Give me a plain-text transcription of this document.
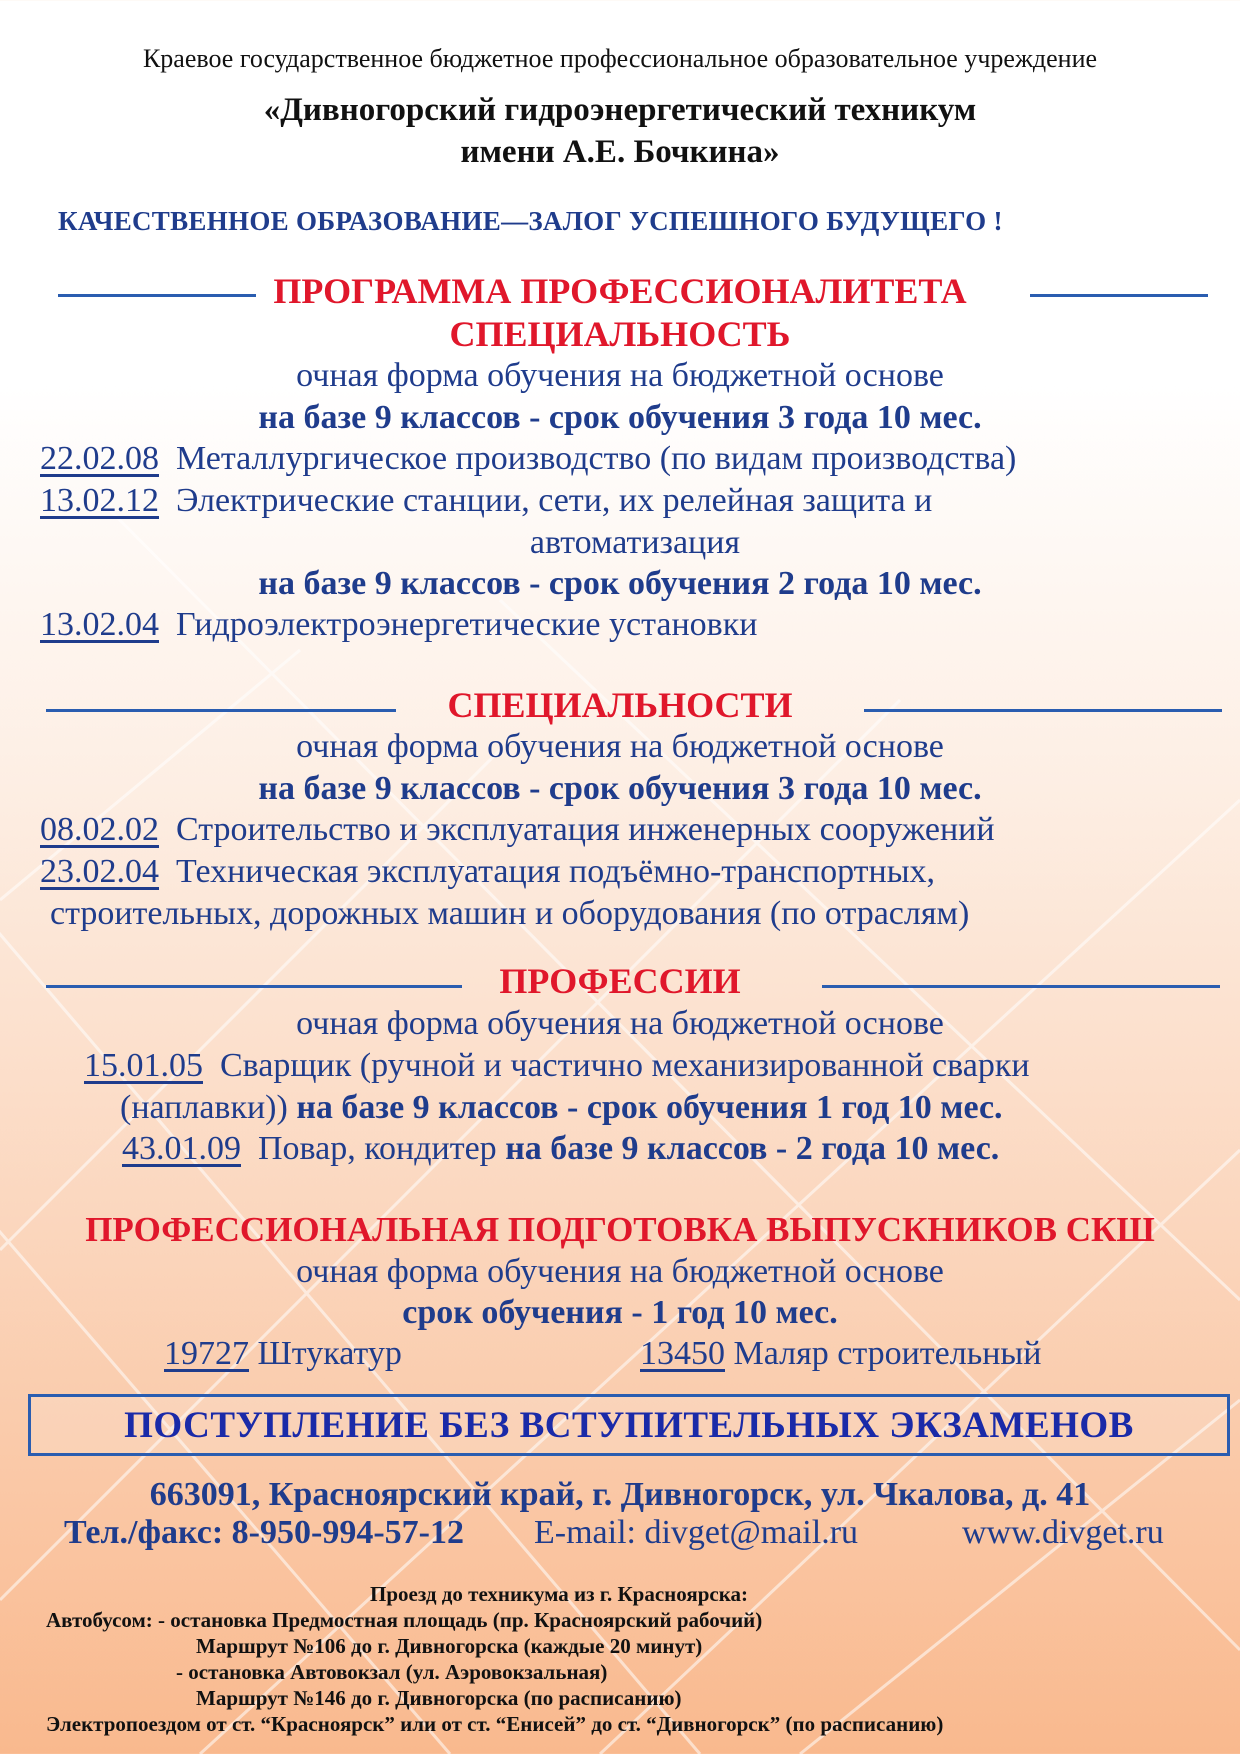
Краевое государственное бюджетное профессиональное образовательное учреждение
«Дивногорский гидроэнергетический техникум
имени А.Е. Бочкина»
КАЧЕСТВЕННОЕ ОБРАЗОВАНИЕ—ЗАЛОГ УСПЕШНОГО БУДУЩЕГО !
ПРОГРАММА ПРОФЕССИОНАЛИТЕТА
СПЕЦИАЛЬНОСТЬ
очная форма обучения на бюджетной основе
на базе 9 классов - срок обучения 3 года 10 мес.
22.02.08 Металлургическое производство (по видам производства)
13.02.12 Электрические станции, сети, их релейная защита и
автоматизация
на базе 9 классов - срок обучения 2 года 10 мес.
13.02.04 Гидроэлектроэнергетические установки
СПЕЦИАЛЬНОСТИ
очная форма обучения на бюджетной основе
на базе 9 классов - срок обучения 3 года 10 мес.
08.02.02 Строительство и эксплуатация инженерных сооружений
23.02.04 Техническая эксплуатация подъёмно-транспортных,
строительных, дорожных машин и оборудования (по отраслям)
ПРОФЕССИИ
очная форма обучения на бюджетной основе
15.01.05 Сварщик (ручной и частично механизированной сварки
(наплавки)) на базе 9 классов - срок обучения 1 год 10 мес.
43.01.09 Повар, кондитер на базе 9 классов - 2 года 10 мес.
ПРОФЕССИОНАЛЬНАЯ ПОДГОТОВКА ВЫПУСКНИКОВ СКШ
очная форма обучения на бюджетной основе
срок обучения - 1 год 10 мес.
19727 Штукатур	13450 Маляр строительный
ПОСТУПЛЕНИЕ БЕЗ ВСТУПИТЕЛЬНЫХ ЭКЗАМЕНОВ
663091, Красноярский край, г. Дивногорск, ул. Чкалова, д. 41
Тел./факс: 8-950-994-57-12 E-mail: divget@mail.ru	www.divget.ru
Проезд до техникума из г. Красноярска:
Автобусом: - остановка Предмостная площадь (пр. Красноярский рабочий)
Маршрут №106 до г. Дивногорска (каждые 20 минут)
- остановка Автовокзал (ул. Аэровокзальная)
Маршрут №146 до г. Дивногорска (по расписанию)
Электропоездом от ст. “Красноярск” или от ст. “Енисей” до ст. “Дивногорск” (по расписанию)
